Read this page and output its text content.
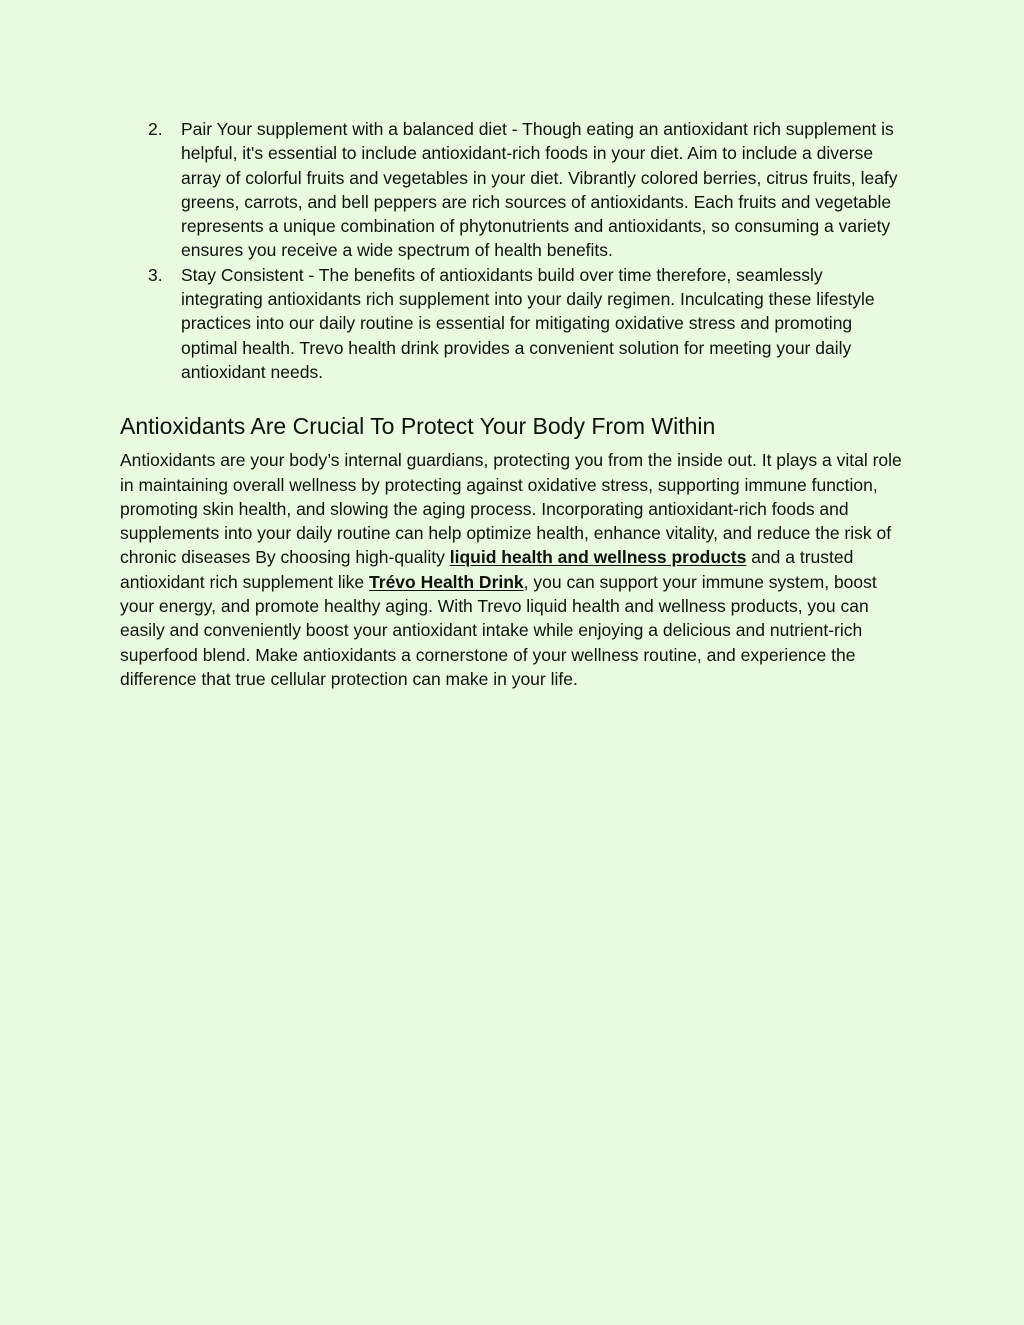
2. Pair Your supplement with a balanced diet - Though eating an antioxidant rich supplement is helpful, it's essential to include antioxidant-rich foods in your diet. Aim to include a diverse array of colorful fruits and vegetables in your diet. Vibrantly colored berries, citrus fruits, leafy greens, carrots, and bell peppers are rich sources of antioxidants. Each fruits and vegetable represents a unique combination of phytonutrients and antioxidants, so consuming a variety ensures you receive a wide spectrum of health benefits.
3. Stay Consistent - The benefits of antioxidants build over time therefore, seamlessly integrating antioxidants rich supplement into your daily regimen. Inculcating these lifestyle practices into our daily routine is essential for mitigating oxidative stress and promoting optimal health. Trevo health drink provides a convenient solution for meeting your daily antioxidant needs.
Antioxidants Are Crucial To Protect Your Body From Within

Antioxidants are your body’s internal guardians, protecting you from the inside out. It plays a vital role in maintaining overall wellness by protecting against oxidative stress, supporting immune function, promoting skin health, and slowing the aging process. Incorporating antioxidant-rich foods and supplements into your daily routine can help optimize health, enhance vitality, and reduce the risk of chronic diseases By choosing high-quality liquid health and wellness products and a trusted antioxidant rich supplement like Trévo Health Drink, you can support your immune system, boost your energy, and promote healthy aging. With Trevo liquid health and wellness products, you can easily and conveniently boost your antioxidant intake while enjoying a delicious and nutrient-rich superfood blend. Make antioxidants a cornerstone of your wellness routine, and experience the difference that true cellular protection can make in your life.
